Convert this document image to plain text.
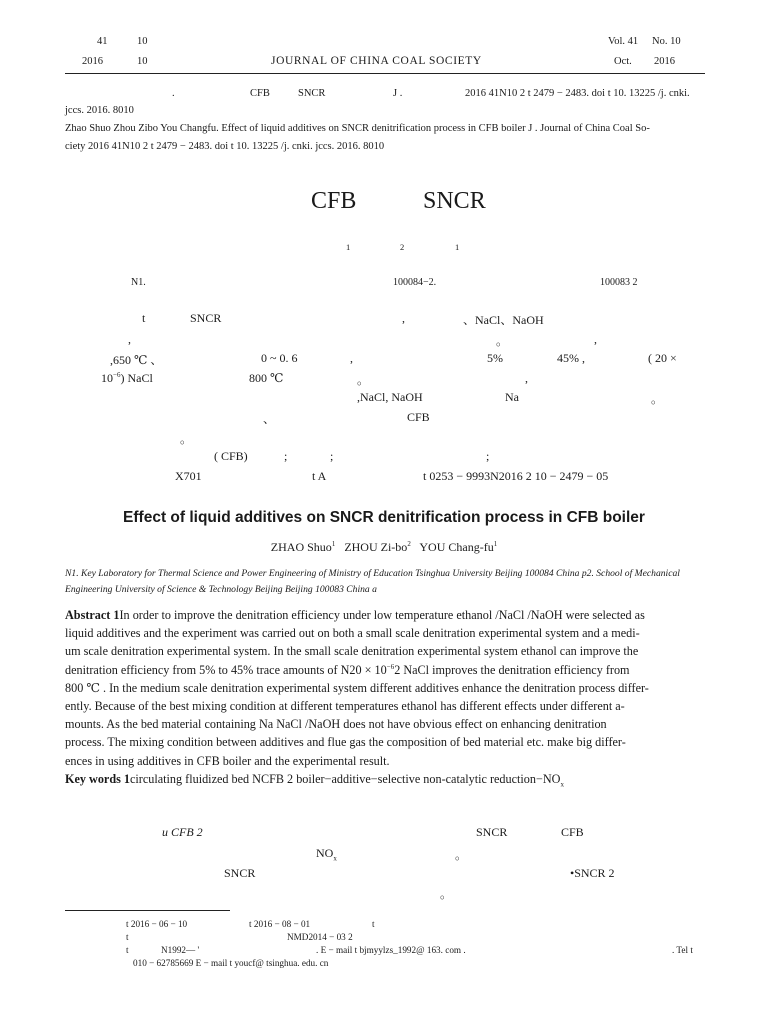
41	10
2016	10	JOURNAL OF CHINA COAL SOCIETY
Vol. 41 No. 10
Oct. 2016
.	CFB	SNCR	J .	2016 41N10 2 t 2479 − 2483. doi t 10. 13225 /j. cnki.
jccs. 2016. 8010
Zhao Shuo Zhou Zibo You Changfu. Effect of liquid additives on SNCR denitrification process in CFB boiler J . Journal of China Coal So-
ciety 2016 41N10 2 t 2479 − 2483. doi t 10. 13225 /j. cnki. jccs. 2016. 8010
CFB	SNCR
1	2	1
N1.	100084−2.	100083 2
t	SNCR	,	、NaCl、NaOH
,	。	,
,650 ℃ 、	0 ~ 0. 6	,	5%	45% ,	( 20 ×
$10^{-6}$) NaCl	800 ℃	。	,
,NaCl, NaOH	Na	。
、	CFB
。
( CFB)	;	;	;
X701	t A	t 0253 − 9993N2016 2 10 − 2479 − 05
Effect of liquid additives on SNCR denitrification process in CFB boiler
ZHAO Shuo$^1$ ZHOU $Zi-bo^2$ YOU Chang-$fu^1$
N1. Key Laboratory for Thermal Science and Power Engineering of Ministry of Education Tsinghua University Beijing 100084 China p2. School of Mechanical
Engineering University of Science & Technology Beijing Beijing 100083 China a
Abstract 1In order to improve the denitration efficiency under low temperature ethanol /NaCl /NaOH were selected as
liquid additives and the experiment was carried out on both a small scale denitration experimental system and a medi-
um scale denitration experimental system. In the small scale denitration experimental system ethanol can improve the
denitration efficiency from 5% to 45% trace amounts of $N20 \times 10^{-6}2$ NaCl improves the denitration efficiency from
800 ℃ . In the medium scale denitration experimental system different additives enhance the denitration process differ-
ently. Because of the best mixing condition at different temperatures ethanol has different effects under different a-
mounts. As the bed material containing Na NaCl /NaOH does not have obvious effect on enhancing denitration
process. The mixing condition between additives and flue gas the composition of bed material etc. make big differ-
ences in using additives in CFB boiler and the experimental result.
Key words 1circulating fluidized bed NCFB 2 boiler−additive−selective non-catalytic $reduction-NO_x$
u CFB 2	SNCR	CFB
$NO_x$	。
SNCR	•SNCR 2
。
t 2016 − 06 − 10	t 2016 − 08 − 01	t
t	NMD2014 − 03 2
t	N1992— '	. E − mail t bjmyylzs_1992@ 163. com .	. Tel t
010 − 62785669 E − mail t youcf@ tsinghua. edu. cn
